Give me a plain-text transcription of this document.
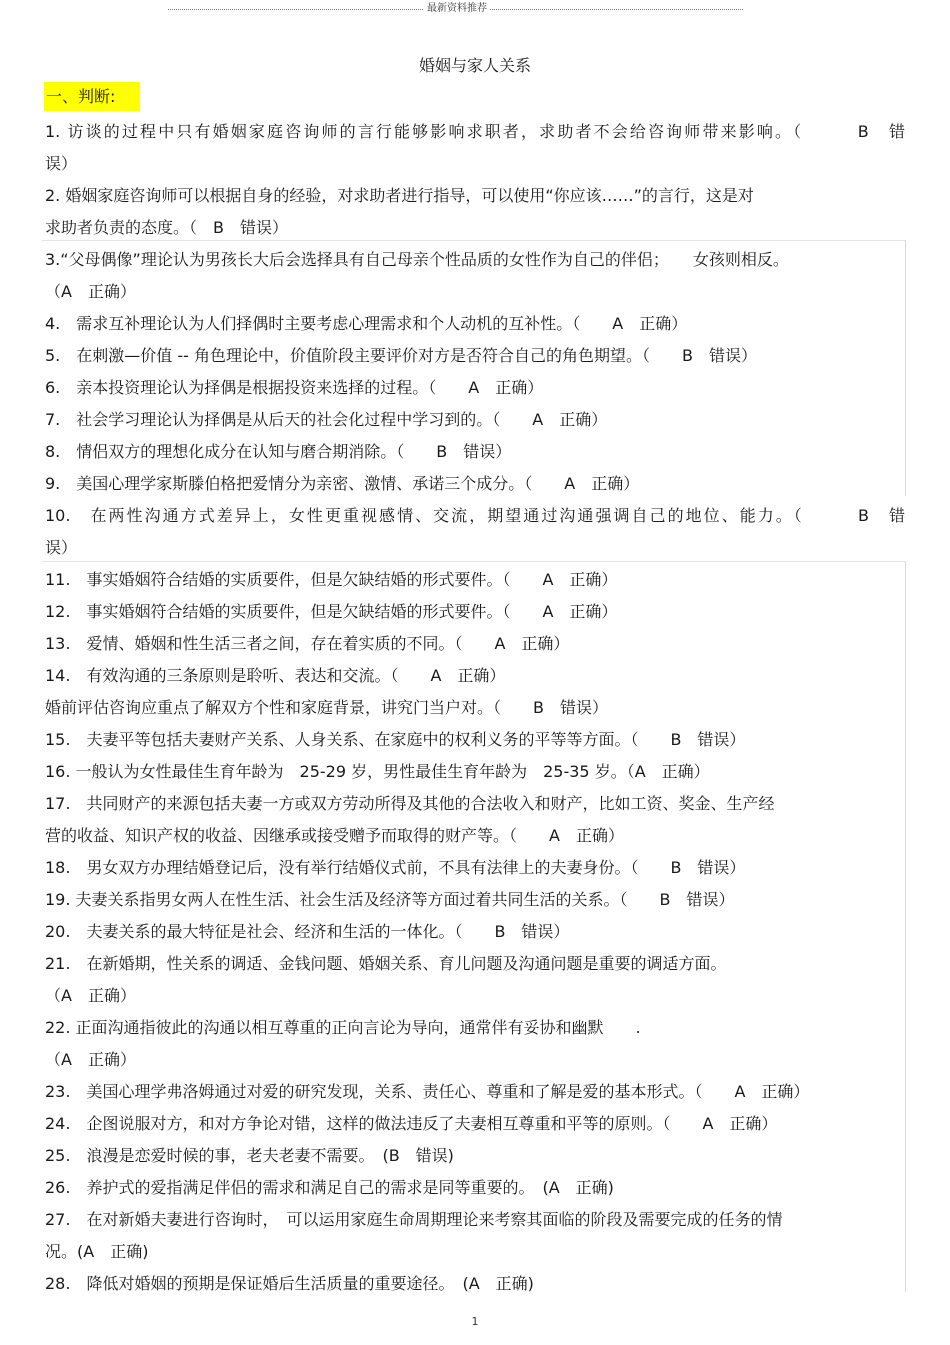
最新资料推荐
婚姻与家人关系
一、判断:
1. 访谈的过程中只有婚姻家庭咨询师的言行能够影响求职者，求助者不会给咨询师带来影响。（　　　B　错
误）
2. 婚姻家庭咨询师可以根据自身的经验，对求助者进行指导，可以使用“你应该……”的言行，这是对
求助者负责的态度。（　B　错误）
3.“父母偶像”理论认为男孩长大后会选择具有自己母亲个性品质的女性作为自己的伴侣；　　女孩则相反。
（A　正确）
4.　需求互补理论认为人们择偶时主要考虑心理需求和个人动机的互补性。（　　A　正确）
5.　在刺激—价值 -- 角色理论中，价值阶段主要评价对方是否符合自己的角色期望。（　　B　错误）
6.　亲本投资理论认为择偶是根据投资来选择的过程。（　　A　正确）
7.　社会学习理论认为择偶是从后天的社会化过程中学习到的。（　　A　正确）
8.　情侣双方的理想化成分在认知与磨合期消除。（　　B　错误）
9.　美国心理学家斯滕伯格把爱情分为亲密、激情、承诺三个成分。（　　A　正确）
10.　在两性沟通方式差异上，女性更重视感情、交流，期望通过沟通强调自己的地位、能力。（　　　B　错
误）
11.　事实婚姻符合结婚的实质要件，但是欠缺结婚的形式要件。（　　A　正确）
12.　事实婚姻符合结婚的实质要件，但是欠缺结婚的形式要件。（　　A　正确）
13.　爱情、婚姻和性生活三者之间，存在着实质的不同。（　　A　正确）
14.　有效沟通的三条原则是聆听、表达和交流。（　　A　正确）
婚前评估咨询应重点了解双方个性和家庭背景，讲究门当户对。（　　B　错误）
15.　夫妻平等包括夫妻财产关系、人身关系、在家庭中的权利义务的平等等方面。（　　B　错误）
16. 一般认为女性最佳生育年龄为　25-29 岁，男性最佳生育年龄为　25-35 岁。（A　正确）
17.　共同财产的来源包括夫妻一方或双方劳动所得及其他的合法收入和财产，比如工资、奖金、生产经
营的收益、知识产权的收益、因继承或接受赠予而取得的财产等。（　　A　正确）
18.　男女双方办理结婚登记后，没有举行结婚仪式前，不具有法律上的夫妻身份。（　　B　错误）
19. 夫妻关系指男女两人在性生活、社会生活及经济等方面过着共同生活的关系。（　　B　错误）
20.　夫妻关系的最大特征是社会、经济和生活的一体化。（　　B　错误）
21.　在新婚期，性关系的调适、金钱问题、婚姻关系、育儿问题及沟通问题是重要的调适方面。
（A　正确）
22. 正面沟通指彼此的沟通以相互尊重的正向言论为导向，通常伴有妥协和幽默　　.
（A　正确）
23.　美国心理学弗洛姆通过对爱的研究发现，关系、责任心、尊重和了解是爱的基本形式。（　　A　正确）
24.　企图说服对方，和对方争论对错，这样的做法违反了夫妻相互尊重和平等的原则。（　　A　正确）
25.　浪漫是恋爱时候的事，老夫老妻不需要。　(B　错误)
26.　养护式的爱指满足伴侣的需求和满足自己的需求是同等重要的。　(A　正确)
27.　在对新婚夫妻进行咨询时，　可以运用家庭生命周期理论来考察其面临的阶段及需要完成的任务的情
况。(A　正确)
28.　降低对婚姻的预期是保证婚后生活质量的重要途径。　(A　正确)
1
